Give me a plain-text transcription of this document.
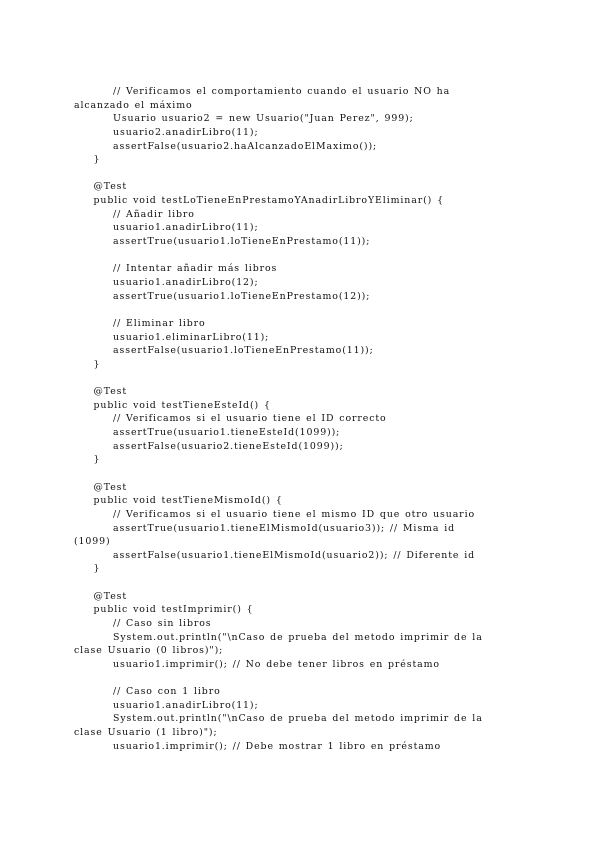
// Verificamos el comportamiento cuando el usuario NO ha
alcanzado el máximo
Usuario usuario2 = new Usuario("Juan Perez", 999);
usuario2.anadirLibro(11);
assertFalse(usuario2.haAlcanzadoElMaximo());
}
@Test
public void testLoTieneEnPrestamoYAnadirLibroYEliminar() {
// Añadir libro
usuario1.anadirLibro(11);
assertTrue(usuario1.loTieneEnPrestamo(11));
// Intentar añadir más libros
usuario1.anadirLibro(12);
assertTrue(usuario1.loTieneEnPrestamo(12));
// Eliminar libro
usuario1.eliminarLibro(11);
assertFalse(usuario1.loTieneEnPrestamo(11));
}
@Test
public void testTieneEsteId() {
// Verificamos si el usuario tiene el ID correcto
assertTrue(usuario1.tieneEsteId(1099));
assertFalse(usuario2.tieneEsteId(1099));
}
@Test
public void testTieneMismoId() {
// Verificamos si el usuario tiene el mismo ID que otro usuario
assertTrue(usuario1.tieneElMismoId(usuario3)); // Misma id
(1099)
assertFalse(usuario1.tieneElMismoId(usuario2)); // Diferente id
}
@Test
public void testImprimir() {
// Caso sin libros
System.out.println("\nCaso de prueba del metodo imprimir de la
clase Usuario (0 libros)");
usuario1.imprimir(); // No debe tener libros en préstamo
// Caso con 1 libro
usuario1.anadirLibro(11);
System.out.println("\nCaso de prueba del metodo imprimir de la
clase Usuario (1 libro)");
usuario1.imprimir(); // Debe mostrar 1 libro en préstamo
